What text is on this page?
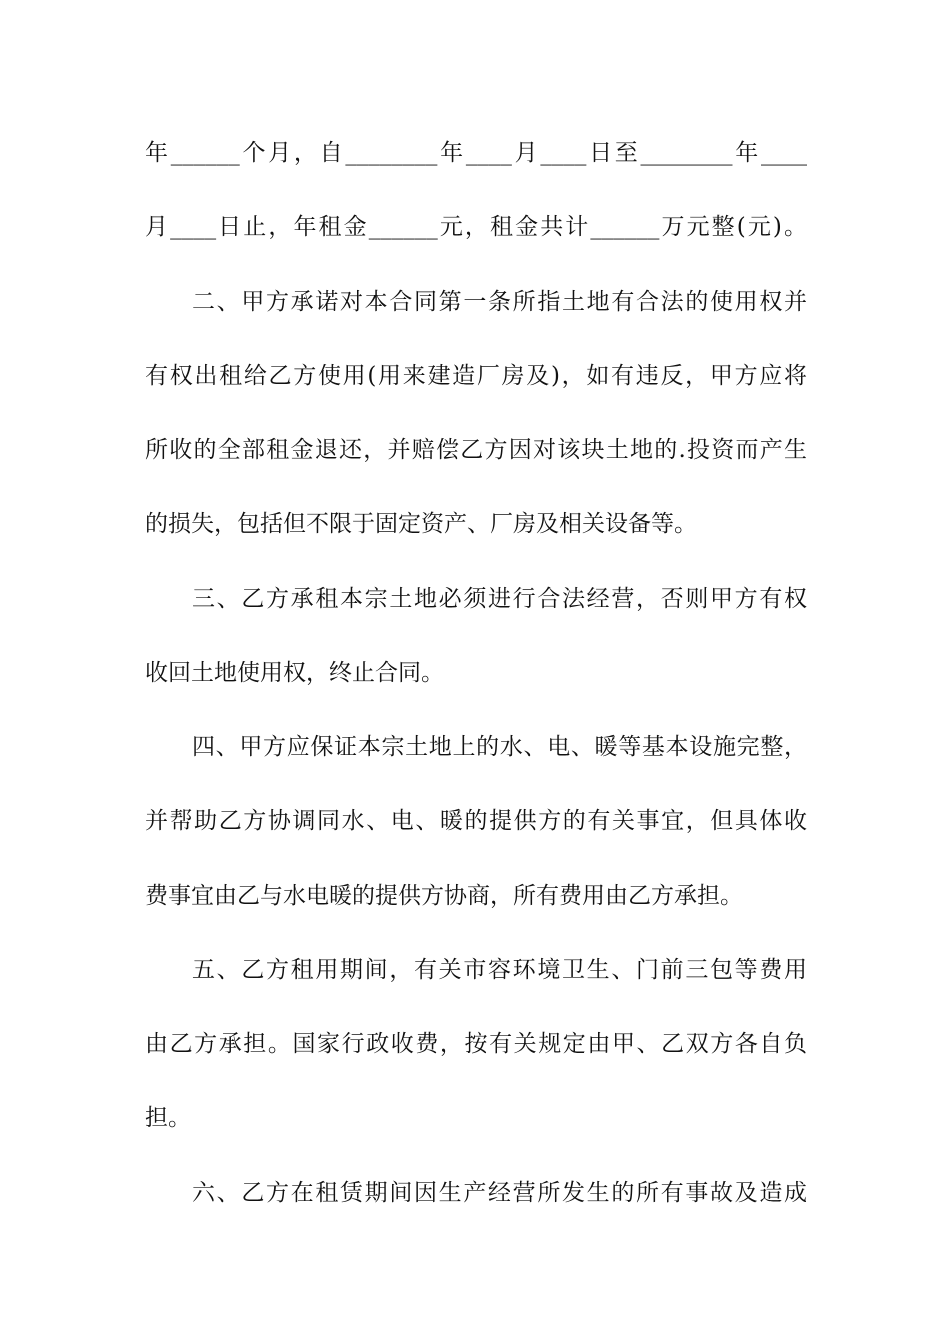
年______个月，自________年____月____日至________年____
月____日止，年租金______元，租金共计______万元整(元)。
二、甲方承诺对本合同第一条所指土地有合法的使用权并
有权出租给乙方使用(用来建造厂房及)，如有违反，甲方应将
所收的全部租金退还，并赔偿乙方因对该块土地的.投资而产生
的损失，包括但不限于固定资产、厂房及相关设备等。
三、乙方承租本宗土地必须进行合法经营，否则甲方有权
收回土地使用权，终止合同。
四、甲方应保证本宗土地上的水、电、暖等基本设施完整，
并帮助乙方协调同水、电、暖的提供方的有关事宜，但具体收
费事宜由乙与水电暖的提供方协商，所有费用由乙方承担。
五、乙方租用期间，有关市容环境卫生、门前三包等费用
由乙方承担。国家行政收费，按有关规定由甲、乙双方各自负
担。
六、乙方在租赁期间因生产经营所发生的所有事故及造成
